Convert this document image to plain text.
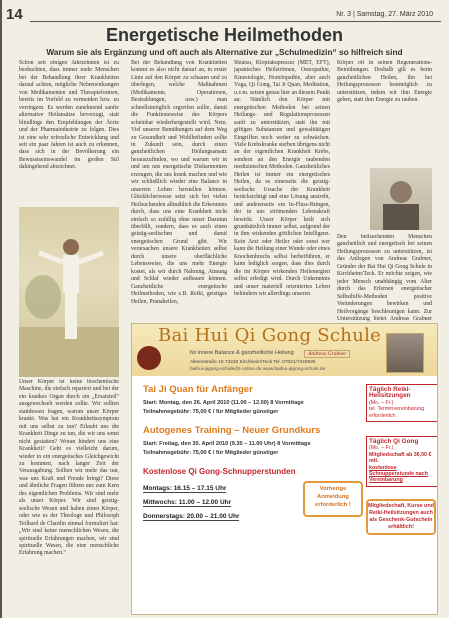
14	Nr. 3 | Samstag, 27. März 2010
Energetische Heilmethoden
Warum sie als Ergänzung und oft auch als Alternative zur „Schulmedizin“ so hilfreich sind
Schon seit einigen Jahrzehnten ist zu beobachten, dass immer mehr Menschen bei der Behandlung ihrer Krankheiten darauf achten, mögliche Nebenwirkungen von Medikamenten und Therapieformen, bereits im Vorfeld zu vermeiden bzw. zu verringern. Es werden zunehmend sanfte alternative Heilansätze bevorzugt, statt blindlings den Empfehlungen der Ärzte und der Pharmaindustrie zu folgen. Dies ist eine sehr erfreuliche Entwicklung und seit ein paar Jahren ist auch zu erkennen, dass sich in der Bevölkerung ein Bewusstseinswandel im großen Stil dahingehend abzeichnet.
Unser Körper ist keine biochemische Maschine, die einfach repariert und bei der ein krankes Organ durch ein „Ersatzteil“ ausgewechselt werden sollte. Wir sollten stattdessen fragen, warum unser Körper krankt. Was hat ein Krankheitssymptom mit uns selbst zu tun? Erlaubt uns die Krankheit Dinge zu tun, die wir uns sonst nicht gestatten? Woran hindert uns eine Krankheit? Geht es vielleicht darum, wieder in ein energetisches Gleichgewicht zu kommen, nach langer Zeit der Verausgabung. Sollten wir mehr das tun, was uns Kraft und Freude bringt? Diese und ähnliche Fragen führen uns zum Kern des eigentlichen Problems. Wir sind mehr als unser Körper. Wir sind geistig-seelische Wesen und haben einen Körper, oder wie es der Theologe und Philosoph Teilhard de Chardin einmal formuliert hat: „Wir sind keine menschlichen Wesen, die spirituelle Erfahrungen machen, wir sind spirituelle Wesen, die eine menschliche Erfahrung machen.“
Bei der Behandlung von Krankheiten kommt es also nicht darauf an, in erster Linie auf den Körper zu schauen und zu überlegen, welche Maßnahmen (Medikamente, Operationen, Bestrahlungen, usw.) man schnellstmöglich ergreifen sollte, damit die Funktionsweise des Körpers scheinbar wiederhergestellt wird. Nein. Viel unserer Bemühungen auf dem Weg zu Gesundheit und Wohlbefinden sollte in Zukunft sein, durch einen ganzheitlichen Heilungsansatz herauszufinden, wo und warum wir in und um uns energetische Disharmonien erzeugen, die uns krank machen und wie wir schließlich wieder eine Balance in unserem Leben herstellen können. Glücklicherweise setzt sich bei vielen Heilsuchenden allmählich die Erkenntnis durch, dass uns eine Krankheit nicht einfach so zufällig ohne unser Dazutun überfällt, sondern, dass es auch einen geistig-seelischen und damit energetischen Grund gibt. Wir verursachen unsere Krankheiten selbst durch unsere oberflächliche Lebensweise, die uns mehr Energie kostet, als wir durch Nahrung, Atmung und Schlaf wieder aufbauen können. Ganzheitliche energetische Heilmethoden, wie z.B. Reiki, geistiges Heilen, Pranaheilen,
Shiatsu, Klopfakupressur (MET, EFT), japanisches Heilströmen, Osteopathie, Kinesiologie, Homöopathie, aber auch Yoga, Qi Gong, Tai Ji Quan, Meditation, u.v.m. setzen genau hier an diesem Punkt an. Nämlich den Körper mit energetischen Methoden bei seinen Heilungs- und Regulationsprozessen sanft zu unterstützen, statt ihn mit giftigen Substanzen und gewalttätigen Eingriffen noch weiter zu schwächen. Viele Krebskranke sterben übrigens nicht an der eigentlichen Krankheit Krebs, sondern an den Energie raubenden medizinischen Methoden. Ganzheitliches Heilen ist immer ein energetisches Heilen, da es einerseits die geistig-seelische Ursache der Krankheit berücksichtigt und eine Lösung anstrebt, und andererseits ein In-Fluss-Bringen, der in uns strömenden Lebenskraft bewirkt. Unser Körper heilt sich grundsätzlich immer selbst, aufgrund der in ihm wirkenden göttlichen Intelligenz. Kein Arzt oder Heiler oder sonst wer kann die Heilung einer Wunde oder eines Knochenbruchs selbst herbeiführen, er kann lediglich sorgen, dass dies durch die im Körper wirkenden Heilenergien selbst erledigt wird. Durch Unkenntnis und unser materiell orientiertes Leben behindern wir allerdings unseren
Körper oft in seinen Regenerations-Bemühungen. Deshalb gilt es beim ganzheitlichen Heilen, ihn bei Heilungsprozessen bestmöglich zu unterstützen, indem wir ihm Energie geben, statt ihm Energie zu rauben.
Den heilsuchenden Menschen ganzheitlich und energetisch bei seinen Heilungsprozessen zu unterstützen, ist das Anliegen von Andreas Grabner, Gründer der Bai Hui Qi Gong Schule in Kirchheim/Teck. Er möchte zeigen, wie jeder Mensch unabhängig vom Alter durch das Erlernen energetischer Selbsthilfe-Methoden positive Veränderungen bewirken und Heilvorgänge beschleunigen kann. Zur Unterstützung bietet Andreas Grabner
Bai Hui Qi Gong Schule
für innere Balance & ganzheitliche Heilung	Andreas Grabner
Alleenstraße 18 73230 Kirchheim/Teck Tel. 07021/7249635
baihui-qigong-schule@t-online.de www.baihui-qigong-schule.de
Tai Ji Quan für Anfänger
Start: Montag, den 26. April 2010 (11.00 – 12.00) 8 Vormittage
Teilnahmegebühr: 75,00 € / für Mitglieder günstiger
Autogenes Training – Neuer Grundkurs
Start: Freitag, den 30. April 2010 (9.30 – 11.00 Uhr) 8 Vormittage
Teilnahmegebühr: 75,00 € / für Mitglieder günstiger
Kostenlose Qi Gong-Schnupperstunden
Montags: 16.15 – 17.15 Uhr
Mittwochs: 11.00 – 12.00 Uhr
Donnerstags: 20.00 – 21.00 Uhr
Vorherige Anmeldung erforderlich !
Täglich Reiki-Heilsitzungen
(Mo. – Fr.)
tel. Terminvereinbarung erforderlich
Täglich Qi Gong
(Mo. – Fr.)
Mitgliedschaft ab 36,00 € mtl.
kostenlose Schnupperstunde nach Vereinbarung
Mitgliedschaft, Kurse und Reiki-Heilsitzungen auch als Geschenk-Gutschein erhältlich!
